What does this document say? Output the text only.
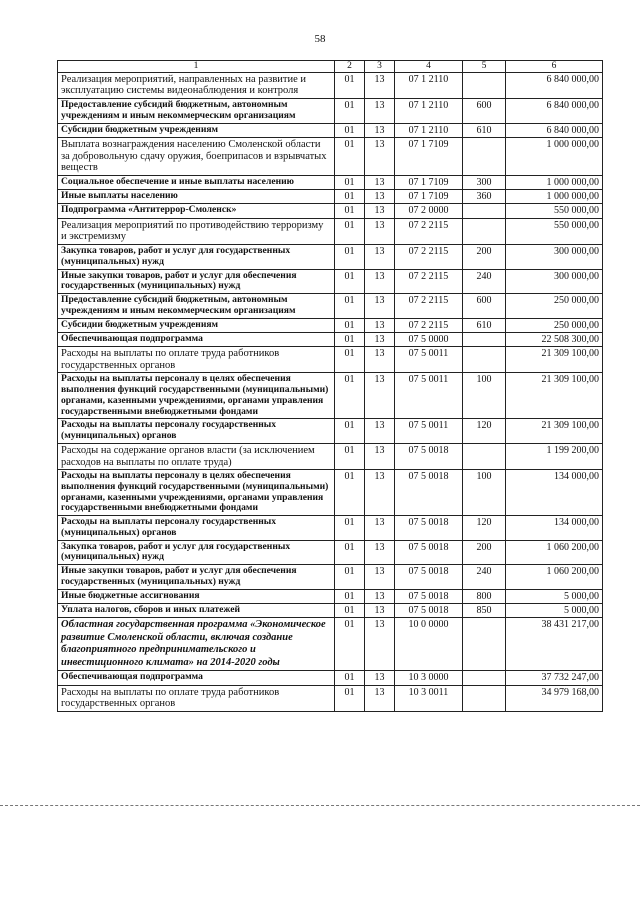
58
1	2	3	4	5	6
Реализация мероприятий, направленных на развитие и эксплуатацию системы видеонаблюдения и контроля	01	13	07 1 2110		6 840 000,00
Предоставление субсидий бюджетным, автономным учреждениям и иным некоммерческим организациям	01	13	07 1 2110	600	6 840 000,00
Субсидии бюджетным учреждениям	01	13	07 1 2110	610	6 840 000,00
Выплата вознаграждения населению Смоленской области за добровольную сдачу оружия, боеприпасов и взрывчатых веществ	01	13	07 1 7109		1 000 000,00
Социальное обеспечение и иные выплаты населению	01	13	07 1 7109	300	1 000 000,00
Иные выплаты населению	01	13	07 1 7109	360	1 000 000,00
Подпрограмма «Антитеррор-Смоленск»	01	13	07 2 0000		550 000,00
Реализация мероприятий по противодействию терроризму и экстремизму	01	13	07 2 2115		550 000,00
Закупка товаров, работ и услуг для государственных (муниципальных) нужд	01	13	07 2 2115	200	300 000,00
Иные закупки товаров, работ и услуг для обеспечения государственных (муниципальных) нужд	01	13	07 2 2115	240	300 000,00
Предоставление субсидий бюджетным, автономным учреждениям и иным некоммерческим организациям	01	13	07 2 2115	600	250 000,00
Субсидии бюджетным учреждениям	01	13	07 2 2115	610	250 000,00
Обеспечивающая подпрограмма	01	13	07 5 0000		22 508 300,00
Расходы на выплаты по оплате труда работников государственных органов	01	13	07 5 0011		21 309 100,00
Расходы на выплаты персоналу в целях обеспечения выполнения функций государственными (муниципальными) органами, казенными учреждениями, органами управления государственными внебюджетными фондами	01	13	07 5 0011	100	21 309 100,00
Расходы на выплаты персоналу государственных (муниципальных) органов	01	13	07 5 0011	120	21 309 100,00
Расходы на содержание органов власти (за исключением расходов на выплаты по оплате труда)	01	13	07 5 0018		1 199 200,00
Расходы на выплаты персоналу в целях обеспечения выполнения функций государственными (муниципальными) органами, казенными учреждениями, органами управления государственными внебюджетными фондами	01	13	07 5 0018	100	134 000,00
Расходы на выплаты персоналу государственных (муниципальных) органов	01	13	07 5 0018	120	134 000,00
Закупка товаров, работ и услуг для государственных (муниципальных) нужд	01	13	07 5 0018	200	1 060 200,00
Иные закупки товаров, работ и услуг для обеспечения государственных (муниципальных) нужд	01	13	07 5 0018	240	1 060 200,00
Иные бюджетные ассигнования	01	13	07 5 0018	800	5 000,00
Уплата налогов, сборов и иных платежей	01	13	07 5 0018	850	5 000,00
Областная государственная программа «Экономическое развитие Смоленской области, включая создание благоприятного предпринимательского и инвестиционного климата» на 2014-2020 годы	01	13	10 0 0000		38 431 217,00
Обеспечивающая подпрограмма	01	13	10 3 0000		37 732 247,00
Расходы на выплаты по оплате труда работников государственных органов	01	13	10 3 0011		34 979 168,00
